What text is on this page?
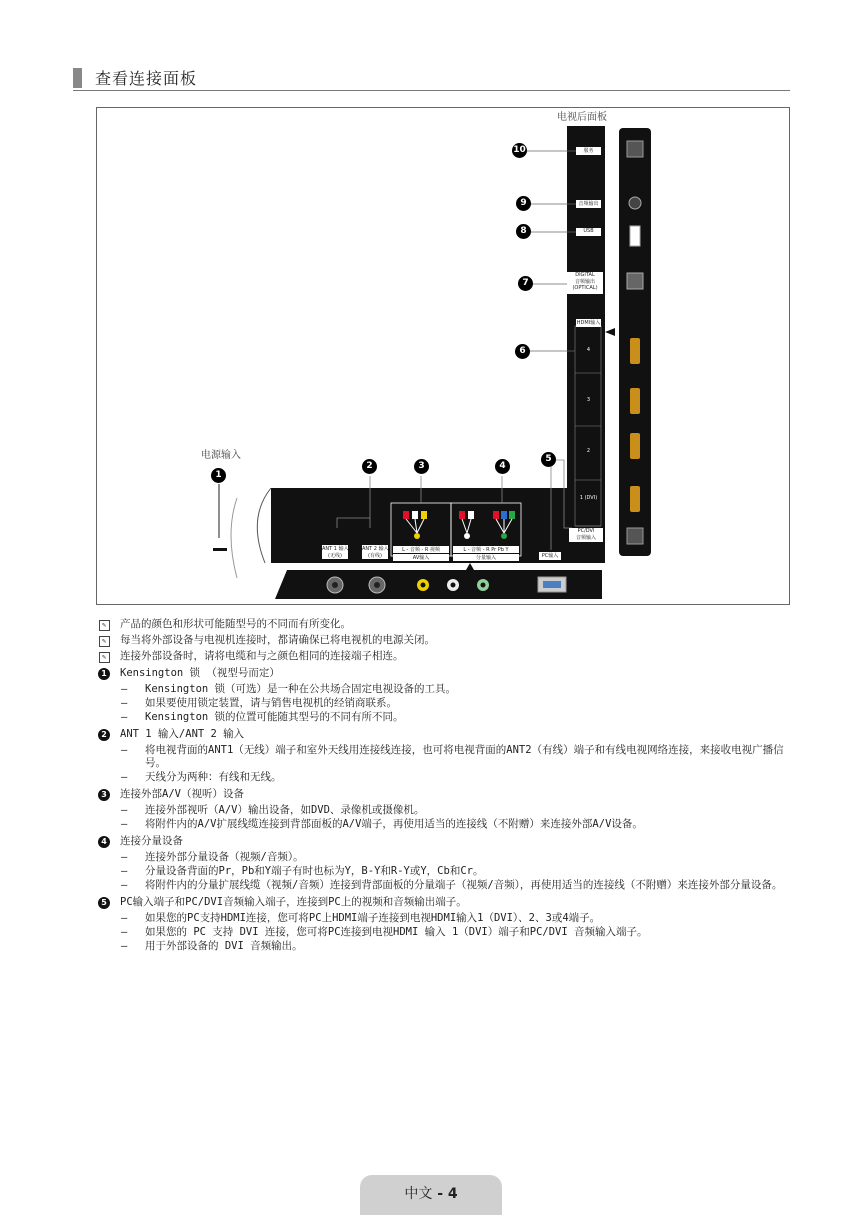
查看连接面板
电视后面板
电源输入
10
9
8
7
6
5
4
3
2
1
服务
音频输出
USB
DIGITAL
音频输出
(OPTICAL)
HDMI输入
4
3
2
1 (DVI)
PC/DVI
音频输入
PC输入
ANT 1 输入
(无线)
ANT 2 输入
(有线)
L - 音频 - R 视频
AV输入
L - 音频 - R Pr Pb Y
分量输入
✎	产品的颜色和形状可能随型号的不同而有所变化。
✎	每当将外部设备与电视机连接时，都请确保已将电视机的电源关闭。
✎	连接外部设备时，请将电缆和与之颜色相同的连接端子相连。
1	Kensington 锁 （视型号而定）
–	Kensington 锁（可选）是一种在公共场合固定电视设备的工具。
–	如果要使用锁定装置，请与销售电视机的经销商联系。
–	Kensington 锁的位置可能随其型号的不同有所不同。
2	ANT 1 输入/ANT 2 输入
–	将电视背面的ANT1（无线）端子和室外天线用连接线连接，也可将电视背面的ANT2（有线）端子和有线电视网络连接，来接收电视广播信号。
–	天线分为两种：有线和无线。
3	连接外部A/V（视听）设备
–	连接外部视听（A/V）输出设备，如DVD、录像机或摄像机。
–	将附件内的A/V扩展线缆连接到背部面板的A/V端子，再使用适当的连接线（不附赠）来连接外部A/V设备。
4	连接分量设备
–	连接外部分量设备（视频/音频）。
–	分量设备背面的Pr，Pb和Y端子有时也标为Y，B-Y和R-Y或Y，Cb和Cr。
–	将附件内的分量扩展线缆（视频/音频）连接到背部面板的分量端子（视频/音频），再使用适当的连接线（不附赠）来连接外部分量设备。
5	PC输入端子和PC/DVI音频输入端子，连接到PC上的视频和音频输出端子。
–	如果您的PC支持HDMI连接，您可将PC上HDMI端子连接到电视HDMI输入1（DVI）、2、3或4端子。
–	如果您的 PC 支持 DVI 连接，您可将PC连接到电视HDMI 输入 1（DVI）端子和PC/DVI 音频输入端子。
–	用于外部设备的 DVI 音频输出。
中文 - 4
